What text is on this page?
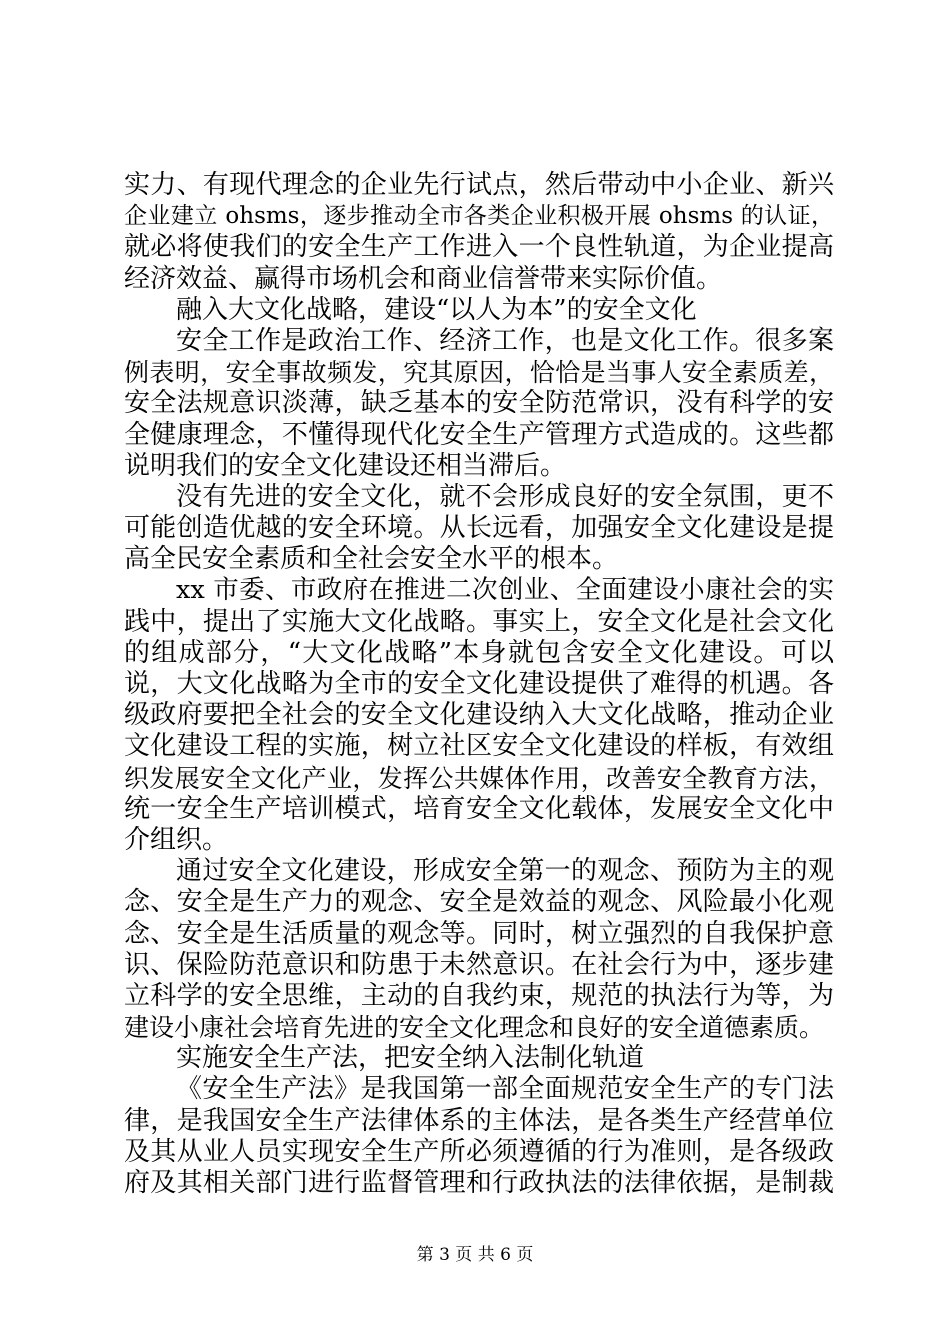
实力、有现代理念的企业先行试点，然后带动中小企业、新兴
企业建立 ohsms，逐步推动全市各类企业积极开展 ohsms 的认证，
就必将使我们的安全生产工作进入一个良性轨道，为企业提高
经济效益、赢得市场机会和商业信誉带来实际价值。
融入大文化战略，建设“以人为本”的安全文化
安全工作是政治工作、经济工作，也是文化工作。很多案
例表明，安全事故频发，究其原因，恰恰是当事人安全素质差，
安全法规意识淡薄，缺乏基本的安全防范常识，没有科学的安
全健康理念，不懂得现代化安全生产管理方式造成的。这些都
说明我们的安全文化建设还相当滞后。
没有先进的安全文化，就不会形成良好的安全氛围，更不
可能创造优越的安全环境。从长远看，加强安全文化建设是提
高全民安全素质和全社会安全水平的根本。
xx 市委、市政府在推进二次创业、全面建设小康社会的实
践中，提出了实施大文化战略。事实上，安全文化是社会文化
的组成部分，“大文化战略”本身就包含安全文化建设。可以
说，大文化战略为全市的安全文化建设提供了难得的机遇。各
级政府要把全社会的安全文化建设纳入大文化战略，推动企业
文化建设工程的实施，树立社区安全文化建设的样板，有效组
织发展安全文化产业，发挥公共媒体作用，改善安全教育方法，
统一安全生产培训模式，培育安全文化载体，发展安全文化中
介组织。
通过安全文化建设，形成安全第一的观念、预防为主的观
念、安全是生产力的观念、安全是效益的观念、风险最小化观
念、安全是生活质量的观念等。同时，树立强烈的自我保护意
识、保险防范意识和防患于未然意识。在社会行为中，逐步建
立科学的安全思维，主动的自我约束，规范的执法行为等，为
建设小康社会培育先进的安全文化理念和良好的安全道德素质。
实施安全生产法，把安全纳入法制化轨道
《安全生产法》是我国第一部全面规范安全生产的专门法
律，是我国安全生产法律体系的主体法，是各类生产经营单位
及其从业人员实现安全生产所必须遵循的行为准则，是各级政
府及其相关部门进行监督管理和行政执法的法律依据，是制裁
第 3 页 共 6 页
